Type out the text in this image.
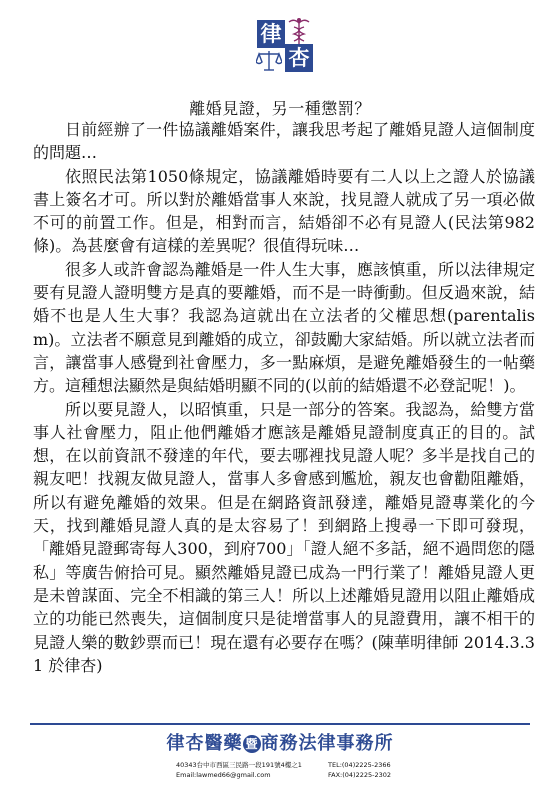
律
杏
離婚見證，另一種懲罰？

日前經辦了一件協議離婚案件，讓我思考起了離婚見證人這個制度的問題…

依照民法第1050條規定，協議離婚時要有二人以上之證人於協議書上簽名才可。所以對於離婚當事人來說，找見證人就成了另一項必做不可的前置工作。但是，相對而言，結婚卻不必有見證人(民法第982條)。為甚麼會有這樣的差異呢？很值得玩味…

很多人或許會認為離婚是一件人生大事，應該慎重，所以法律規定要有見證人證明雙方是真的要離婚，而不是一時衝動。但反過來說，結婚不也是人生大事？我認為這就出在立法者的父權思想(parentalism)。立法者不願意見到離婚的成立，卻鼓勵大家結婚。所以就立法者而言，讓當事人感覺到社會壓力，多一點麻煩，是避免離婚發生的一帖藥方。這種想法顯然是與結婚明顯不同的(以前的結婚還不必登記呢！)。

所以要見證人，以昭慎重，只是一部分的答案。我認為，給雙方當事人社會壓力，阻止他們離婚才應該是離婚見證制度真正的目的。試想，在以前資訊不發達的年代，要去哪裡找見證人呢？多半是找自己的親友吧！找親友做見證人，當事人多會感到尷尬，親友也會勸阻離婚，所以有避免離婚的效果。但是在網路資訊發達，離婚見證專業化的今天，找到離婚見證人真的是太容易了！到網路上搜尋一下即可發現，「離婚見證郵寄每人300，到府700」「證人絕不多話，絕不過問您的隱私」等廣告俯拾可見。顯然離婚見證已成為一門行業了！離婚見證人更是未曾謀面、完全不相識的第三人！所以上述離婚見證用以阻止離婚成立的功能已然喪失，這個制度只是徒增當事人的見證費用，讓不相干的見證人樂的數鈔票而已！現在還有必要存在嗎？(陳華明律師 2014.3.31 於律杏)

律杏醫藥 暨 商務法律事務所
40343台中市西區三民路一段191號4樓之1	TEL:(04)2225-2366
Email:lawmed66@gmail.com	FAX:(04)2225-2302
